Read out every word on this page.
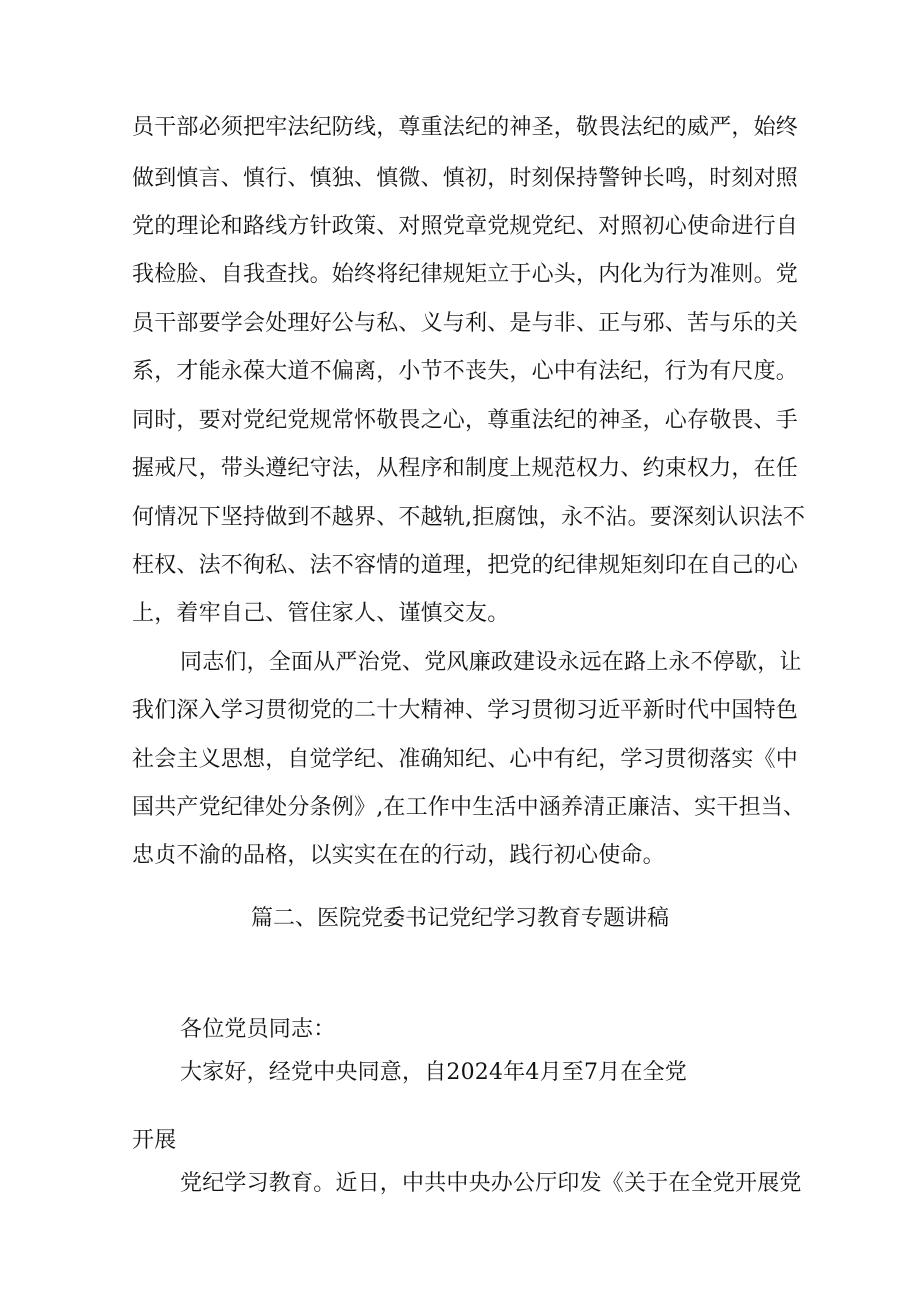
员干部必须把牢法纪防线，尊重法纪的神圣，敬畏法纪的威严，始终
做到慎言、慎行、慎独、慎微、慎初，时刻保持警钟长鸣，时刻对照
党的理论和路线方针政策、对照党章党规党纪、对照初心使命进行自
我检脸、自我查找。始终将纪律规矩立于心头，内化为行为准则。党
员干部要学会处理好公与私、义与利、是与非、正与邪、苦与乐的关
系，才能永葆大道不偏离，小节不丧失，心中有法纪，行为有尺度。
同时，要对党纪党规常怀敬畏之心，尊重法纪的神圣，心存敬畏、手
握戒尺，带头遵纪守法，从程序和制度上规范权力、约束权力，在任
何情况下坚持做到不越界、不越轨,拒腐蚀，永不沾。要深刻认识法不
枉权、法不徇私、法不容情的道理，把党的纪律规矩刻印在自己的心
上，着牢自己、管住家人、谨慎交友。
同志们，全面从严治党、党风廉政建设永远在路上永不停歇，让
我们深入学习贯彻党的二十大精神、学习贯彻习近平新时代中国特色
社会主义思想，自觉学纪、准确知纪、心中有纪，学习贯彻落实《中
国共产党纪律处分条例》,在工作中生活中涵养清正廉洁、实干担当、
忠贞不渝的品格，以实实在在的行动，践行初心使命。
篇二、医院党委书记党纪学习教育专题讲稿
各位党员同志：
大家好，经党中央同意，自2024年4月至7月在全党
开展
党纪学习教育。近日，中共中央办公厅印发《关于在全党开展党
